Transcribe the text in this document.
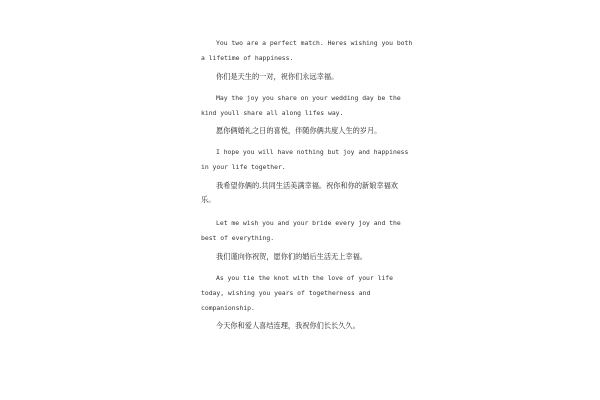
You two are a perfect match. Heres wishing you both
a lifetime of happiness.

你们是天生的一对，祝你们永远幸福。

May the joy you share on your wedding day be the
kind youll share all along lifes way.

愿你俩婚礼之日的喜悦，伴随你俩共度人生的岁月。

I hope you will have nothing but joy and happiness
in your life together.

我希望你俩的.共同生活美满幸福。祝你和你的新娘幸福欢
乐。

Let me wish you and your bride every joy and the
best of everything.

我们谨向你祝贺，愿你们的婚后生活无上幸福。

As you tie the knot with the love of your life
today, wishing you years of togetherness and
companionship.

今天你和爱人喜结连理，我祝你们长长久久。
